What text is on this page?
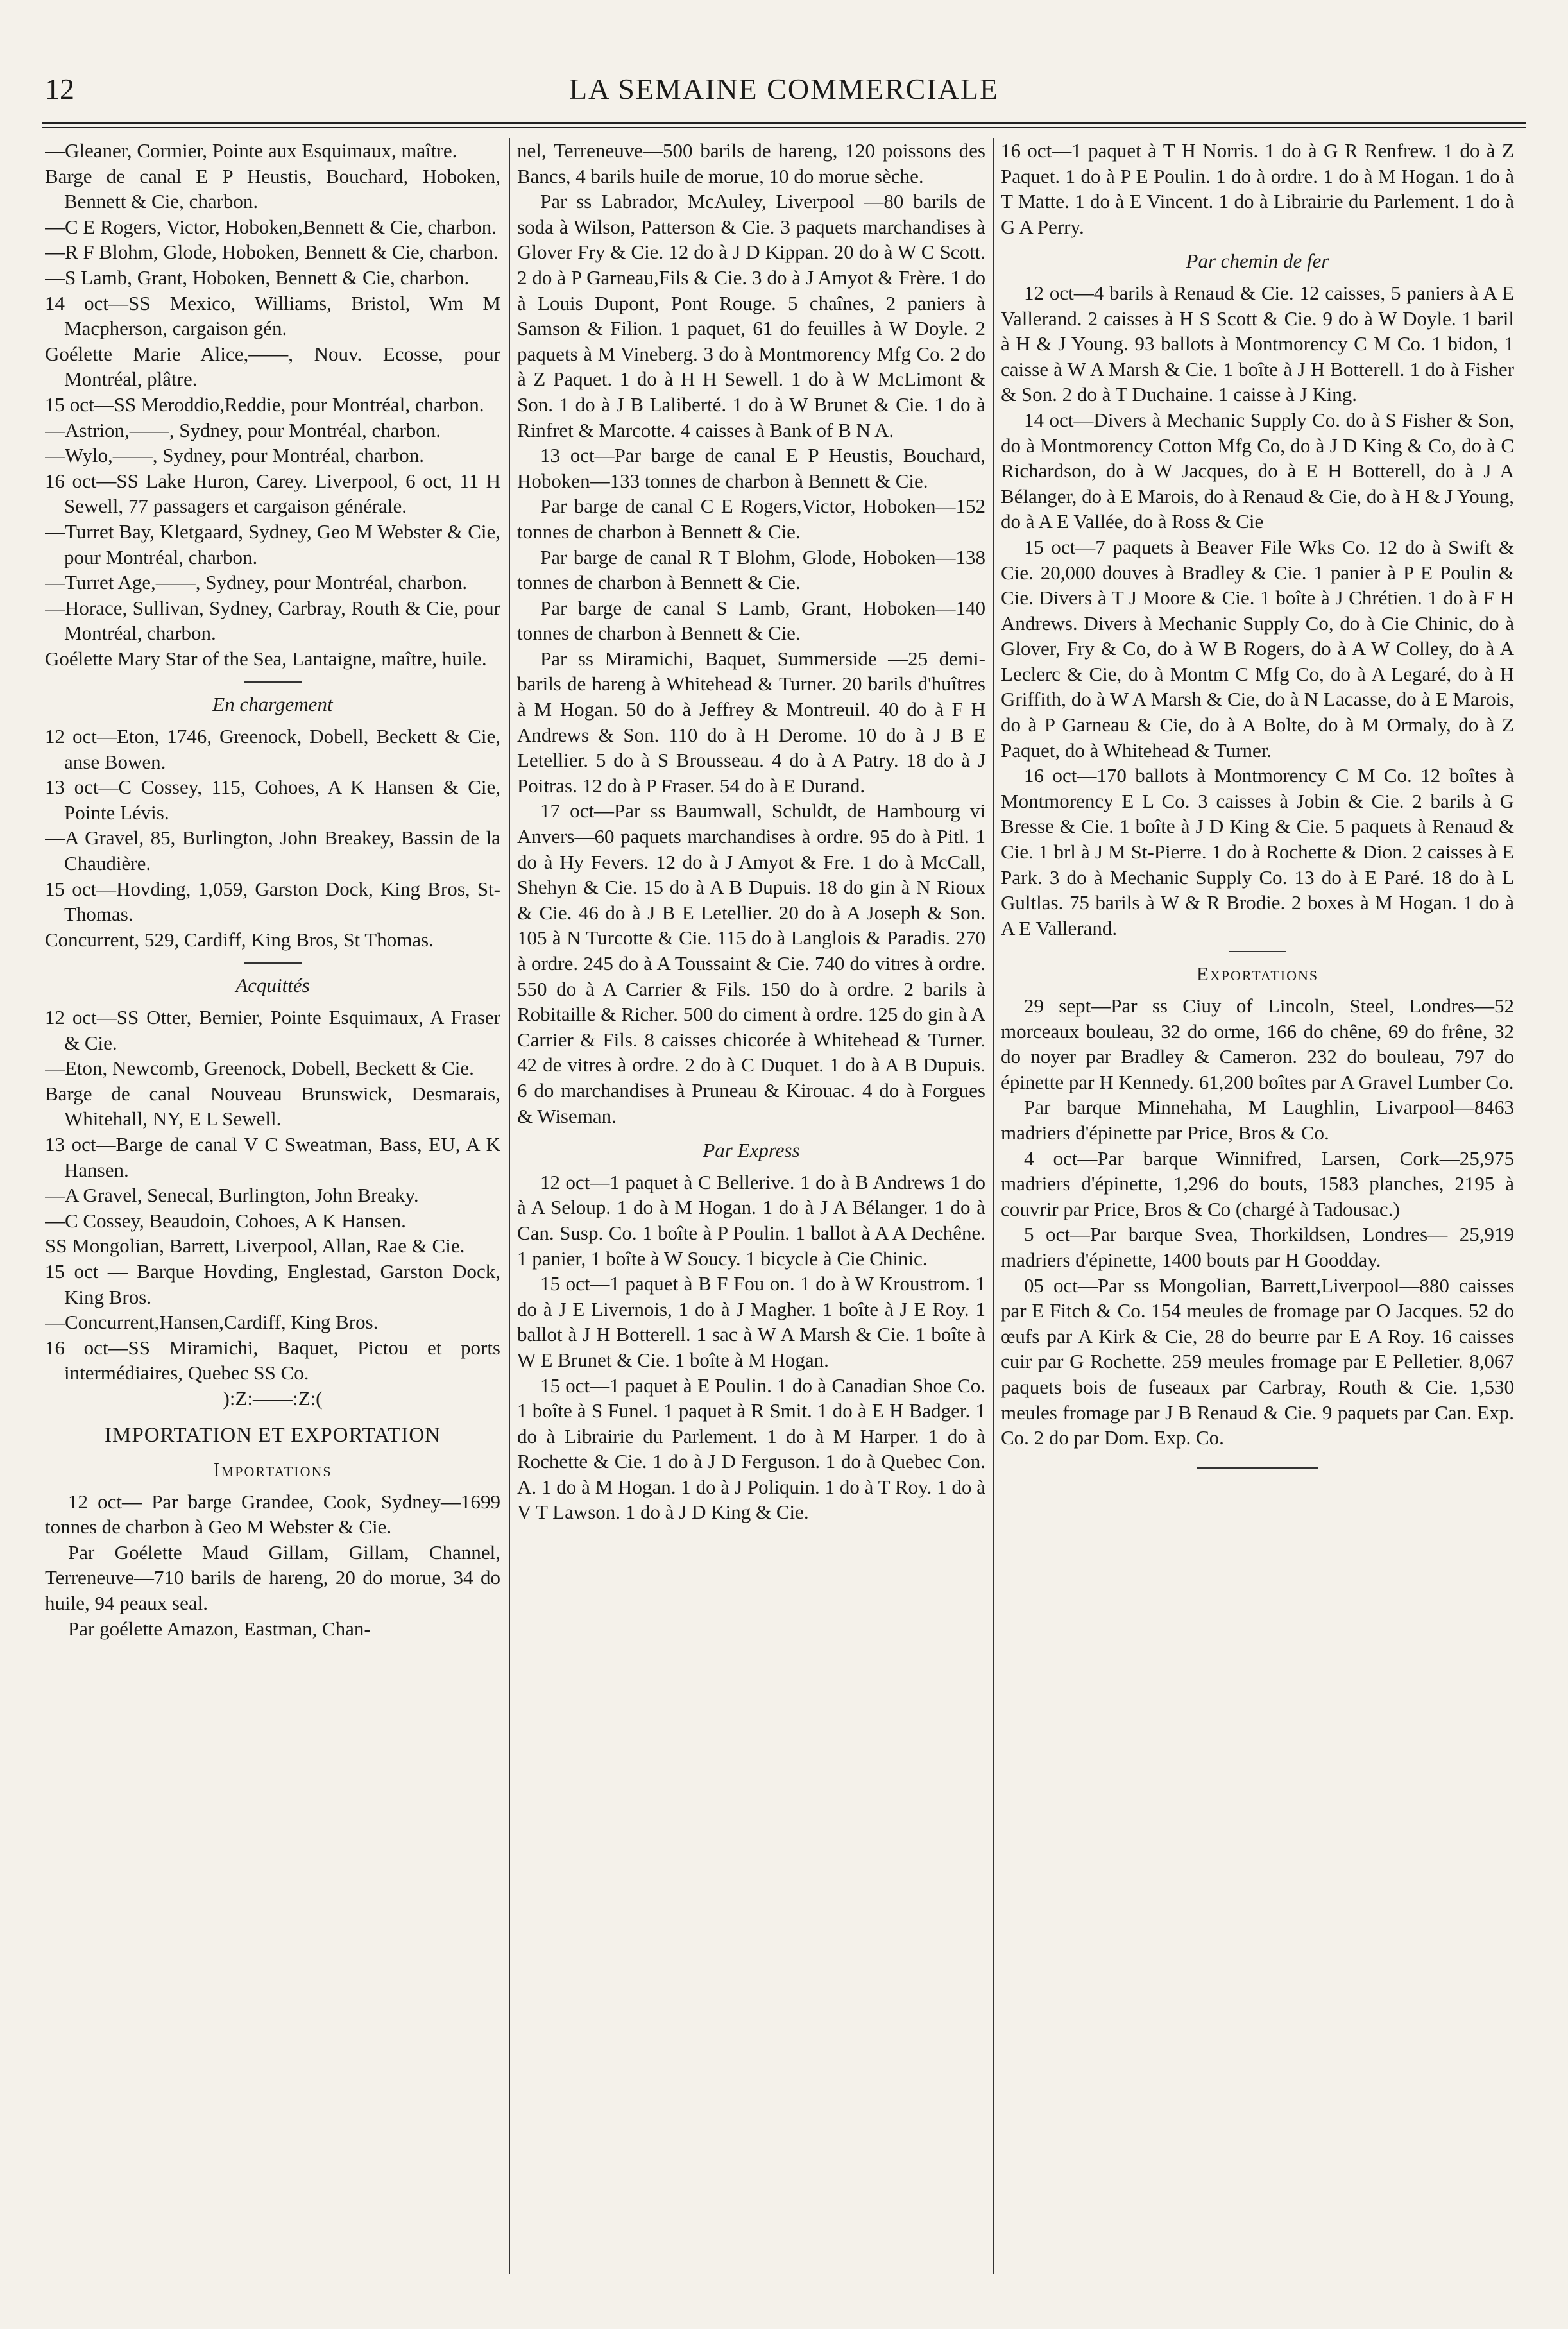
12	LA SEMAINE COMMERCIALE

—Gleaner, Cormier, Pointe aux Esquimaux, maître.

Barge de canal E P Heustis, Bouchard, Hoboken, Bennett & Cie, charbon.

—C E Rogers, Victor, Hoboken,Bennett & Cie, charbon.

—R F Blohm, Glode, Hoboken, Bennett & Cie, charbon.

—S Lamb, Grant, Hoboken, Bennett & Cie, charbon.

14 oct—SS Mexico, Williams, Bristol, Wm M Macpherson, cargaison gén.

Goélette Marie Alice,——, Nouv. Ecosse, pour Montréal, plâtre.

15 oct—SS Meroddio,Reddie, pour Montréal, charbon.

—Astrion,——, Sydney, pour Montréal, charbon.

—Wylo,——, Sydney, pour Montréal, charbon.

16 oct—SS Lake Huron, Carey. Liverpool, 6 oct, 11 H Sewell, 77 passagers et cargaison générale.

—Turret Bay, Kletgaard, Sydney, Geo M Webster & Cie, pour Montréal, charbon.

—Turret Age,——, Sydney, pour Montréal, charbon.

—Horace, Sullivan, Sydney, Carbray, Routh & Cie, pour Montréal, charbon.

Goélette Mary Star of the Sea, Lantaigne, maître, huile.

En chargement

12 oct—Eton, 1746, Greenock, Dobell, Beckett & Cie, anse Bowen.

13 oct—C Cossey, 115, Cohoes, A K Hansen & Cie, Pointe Lévis.

—A Gravel, 85, Burlington, John Breakey, Bassin de la Chaudière.

15 oct—Hovding, 1,059, Garston Dock, King Bros, St-Thomas.

Concurrent, 529, Cardiff, King Bros, St Thomas.

Acquittés

12 oct—SS Otter, Bernier, Pointe Esquimaux, A Fraser & Cie.

—Eton, Newcomb, Greenock, Dobell, Beckett & Cie.

Barge de canal Nouveau Brunswick, Desmarais, Whitehall, NY, E L Sewell.

13 oct—Barge de canal V C Sweatman, Bass, EU, A K Hansen.

—A Gravel, Senecal, Burlington, John Breaky.

—C Cossey, Beaudoin, Cohoes, A K Hansen.

SS Mongolian, Barrett, Liverpool, Allan, Rae & Cie.

15 oct — Barque Hovding, Englestad, Garston Dock, King Bros.

—Concurrent,Hansen,Cardiff, King Bros.

16 oct—SS Miramichi, Baquet, Pictou et ports intermédiaires, Quebec SS Co.

):Z:——:Z:(

IMPORTATION ET EXPORTATION

Importations

12 oct— Par barge Grandee, Cook, Sydney—1699 tonnes de charbon à Geo M Webster & Cie.

Par Goélette Maud Gillam, Gillam, Channel, Terreneuve—710 barils de hareng, 20 do morue, 34 do huile, 94 peaux seal.

Par goélette Amazon, Eastman, Chan-

nel, Terreneuve—500 barils de hareng, 120 poissons des Bancs, 4 barils huile de morue, 10 do morue sèche.

Par ss Labrador, McAuley, Liverpool —80 barils de soda à Wilson, Patterson & Cie. 3 paquets marchandises à Glover Fry & Cie. 12 do à J D Kippan. 20 do à W C Scott. 2 do à P Garneau,Fils & Cie. 3 do à J Amyot & Frère. 1 do à Louis Dupont, Pont Rouge. 5 chaînes, 2 paniers à Samson & Filion. 1 paquet, 61 do feuilles à W Doyle. 2 paquets à M Vineberg. 3 do à Montmorency Mfg Co. 2 do à Z Paquet. 1 do à H H Sewell. 1 do à W McLimont & Son. 1 do à J B Laliberté. 1 do à W Brunet & Cie. 1 do à Rinfret & Marcotte. 4 caisses à Bank of B N A.

13 oct—Par barge de canal E P Heustis, Bouchard, Hoboken—133 tonnes de charbon à Bennett & Cie.

Par barge de canal C E Rogers,Victor, Hoboken—152 tonnes de charbon à Bennett & Cie.

Par barge de canal R T Blohm, Glode, Hoboken—138 tonnes de charbon à Bennett & Cie.

Par barge de canal S Lamb, Grant, Hoboken—140 tonnes de charbon à Bennett & Cie.

Par ss Miramichi, Baquet, Summerside —25 demi-barils de hareng à Whitehead & Turner. 20 barils d'huîtres à M Hogan. 50 do à Jeffrey & Montreuil. 40 do à F H Andrews & Son. 110 do à H Derome. 10 do à J B E Letellier. 5 do à S Brousseau. 4 do à A Patry. 18 do à J Poitras. 12 do à P Fraser. 54 do à E Durand.

17 oct—Par ss Baumwall, Schuldt, de Hambourg vi Anvers—60 paquets marchandises à ordre. 95 do à Pitl. 1 do à Hy Fevers. 12 do à J Amyot & Fre. 1 do à McCall, Shehyn & Cie. 15 do à A B Dupuis. 18 do gin à N Rioux & Cie. 46 do à J B E Letellier. 20 do à A Joseph & Son. 105 à N Turcotte & Cie. 115 do à Langlois & Paradis. 270 à ordre. 245 do à A Toussaint & Cie. 740 do vitres à ordre. 550 do à A Carrier & Fils. 150 do à ordre. 2 barils à Robitaille & Richer. 500 do ciment à ordre. 125 do gin à A Carrier & Fils. 8 caisses chicorée à Whitehead & Turner. 42 de vitres à ordre. 2 do à C Duquet. 1 do à A B Dupuis. 6 do marchandises à Pruneau & Kirouac. 4 do à Forgues & Wiseman.

Par Express

12 oct—1 paquet à C Bellerive. 1 do à B Andrews 1 do à A Seloup. 1 do à M Hogan. 1 do à J A Bélanger. 1 do à Can. Susp. Co. 1 boîte à P Poulin. 1 ballot à A A Dechêne. 1 panier, 1 boîte à W Soucy. 1 bicycle à Cie Chinic.

15 oct—1 paquet à B F Fou on. 1 do à W Kroustrom. 1 do à J E Livernois, 1 do à J Magher. 1 boîte à J E Roy. 1 ballot à J H Botterell. 1 sac à W A Marsh & Cie. 1 boîte à W E Brunet & Cie. 1 boîte à M Hogan.

15 oct—1 paquet à E Poulin. 1 do à Canadian Shoe Co. 1 boîte à S Funel. 1 paquet à R Smit. 1 do à E H Badger. 1 do à Librairie du Parlement. 1 do à M Harper. 1 do à Rochette & Cie. 1 do à J D Ferguson. 1 do à Quebec Con. A. 1 do à M Hogan. 1 do à J Poliquin. 1 do à T Roy. 1 do à V T Lawson. 1 do à J D King & Cie.

16 oct—1 paquet à T H Norris. 1 do à G R Renfrew. 1 do à Z Paquet. 1 do à P E Poulin. 1 do à ordre. 1 do à M Hogan. 1 do à T Matte. 1 do à E Vincent. 1 do à Librairie du Parlement. 1 do à G A Perry.

Par chemin de fer

12 oct—4 barils à Renaud & Cie. 12 caisses, 5 paniers à A E Vallerand. 2 caisses à H S Scott & Cie. 9 do à W Doyle. 1 baril à H & J Young. 93 ballots à Montmorency C M Co. 1 bidon, 1 caisse à W A Marsh & Cie. 1 boîte à J H Botterell. 1 do à Fisher & Son. 2 do à T Duchaine. 1 caisse à J King.

14 oct—Divers à Mechanic Supply Co. do à S Fisher & Son, do à Montmorency Cotton Mfg Co, do à J D King & Co, do à C Richardson, do à W Jacques, do à E H Botterell, do à J A Bélanger, do à E Marois, do à Renaud & Cie, do à H & J Young, do à A E Vallée, do à Ross & Cie

15 oct—7 paquets à Beaver File Wks Co. 12 do à Swift & Cie. 20,000 douves à Bradley & Cie. 1 panier à P E Poulin & Cie. Divers à T J Moore & Cie. 1 boîte à J Chrétien. 1 do à F H Andrews. Divers à Mechanic Supply Co, do à Cie Chinic, do à Glover, Fry & Co, do à W B Rogers, do à A W Colley, do à A Leclerc & Cie, do à Montm C Mfg Co, do à A Legaré, do à H Griffith, do à W A Marsh & Cie, do à N Lacasse, do à E Marois, do à P Garneau & Cie, do à A Bolte, do à M Ormaly, do à Z Paquet, do à Whitehead & Turner.

16 oct—170 ballots à Montmorency C M Co. 12 boîtes à Montmorency E L Co. 3 caisses à Jobin & Cie. 2 barils à G Bresse & Cie. 1 boîte à J D King & Cie. 5 paquets à Renaud & Cie. 1 brl à J M St-Pierre. 1 do à Rochette & Dion. 2 caisses à E Park. 3 do à Mechanic Supply Co. 13 do à E Paré. 18 do à L Gultlas. 75 barils à W & R Brodie. 2 boxes à M Hogan. 1 do à A E Vallerand.

Exportations

29 sept—Par ss Ciuy of Lincoln, Steel, Londres—52 morceaux bouleau, 32 do orme, 166 do chêne, 69 do frêne, 32 do noyer par Bradley & Cameron. 232 do bouleau, 797 do épinette par H Kennedy. 61,200 boîtes par A Gravel Lumber Co.

Par barque Minnehaha, M Laughlin, Livarpool—8463 madriers d'épinette par Price, Bros & Co.

4 oct—Par barque Winnifred, Larsen, Cork—25,975 madriers d'épinette, 1,296 do bouts, 1583 planches, 2195 à couvrir par Price, Bros & Co (chargé à Tadousac.)

5 oct—Par barque Svea, Thorkildsen, Londres— 25,919 madriers d'épinette, 1400 bouts par H Goodday.

05 oct—Par ss Mongolian, Barrett,Liverpool—880 caisses par E Fitch & Co. 154 meules de fromage par O Jacques. 52 do œufs par A Kirk & Cie, 28 do beurre par E A Roy. 16 caisses cuir par G Rochette. 259 meules fromage par E Pelletier. 8,067 paquets bois de fuseaux par Carbray, Routh & Cie. 1,530 meules fromage par J B Renaud & Cie. 9 paquets par Can. Exp. Co. 2 do par Dom. Exp. Co.
